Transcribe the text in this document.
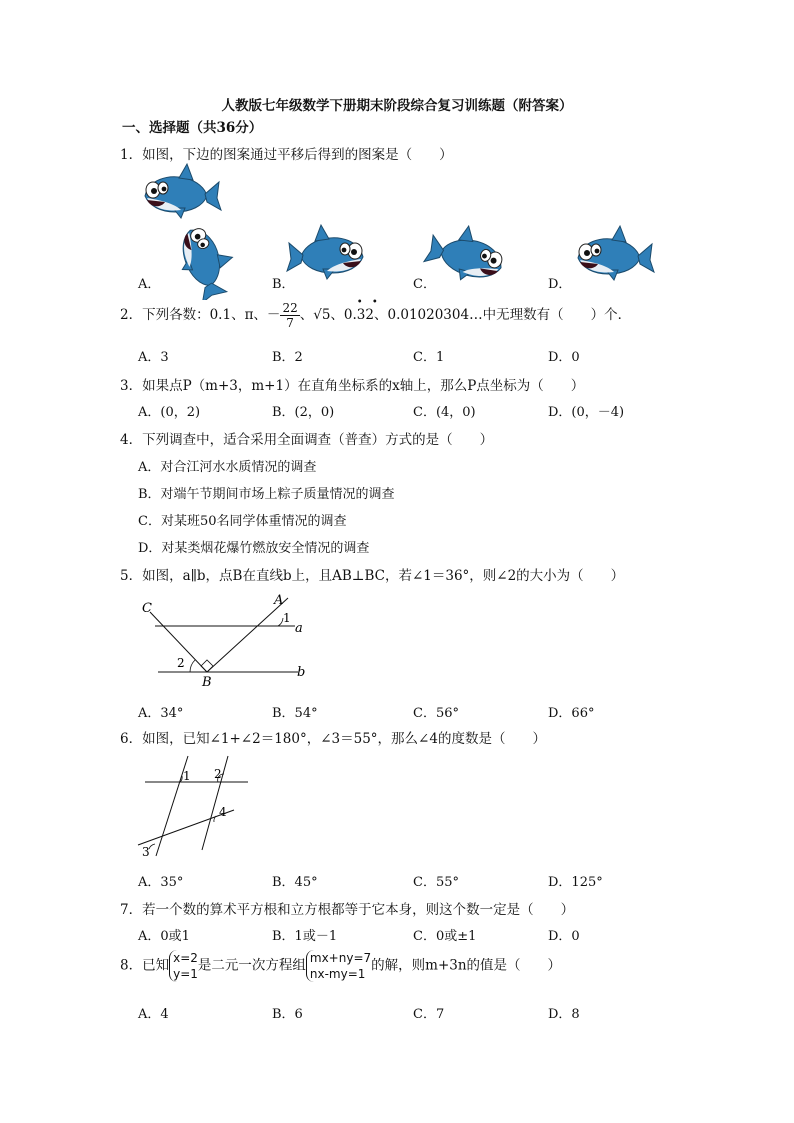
人教版七年级数学下册期末阶段综合复习训练题（附答案）
一、选择题（共36分）
1．如图，下边的图案通过平移后得到的图案是（　　）
A．	B．	C．	D．
2．下列各数：0.1、π、－ $\frac{22}{7}$ 、√5、0.
• •
32、0.01020304…中无理数有（　　）个．
A．3	B．2	C．1	D．0
3．如果点P（m+3，m+1）在直角坐标系的x轴上，那么P点坐标为（　　）
A．(0，2)	B．(2，0)	C．(4，0)	D．(0，－4)
4．下列调查中，适合采用全面调查（普查）方式的是（　　）
A．对合江河水水质情况的调查
B．对端午节期间市场上粽子质量情况的调查
C．对某班50名同学体重情况的调查
D．对某类烟花爆竹燃放安全情况的调查
5．如图，a∥b，点B在直线b上，且AB⊥BC，若∠1＝36°，则∠2的大小为（　　）
C
A
1
a
2
B
b
A．34°	B．54°	C．56°	D．66°
6．如图，已知∠1+∠2＝180°，∠3＝55°，那么∠4的度数是（　　）
1 2
3
4
A．35°	B．45°	C．55°	D．125°
7．若一个数的算术平方根和立方根都等于它本身，则这个数一定是（　　）
A．0或1	B．1或－1	C．0或±1	D．0
8．已知 x=2
y=1
是二元一次方程组 mx+ny=7
nx-my=1
的解，则m+3n的值是（　　）
A．4	B．6	C．7	D．8
